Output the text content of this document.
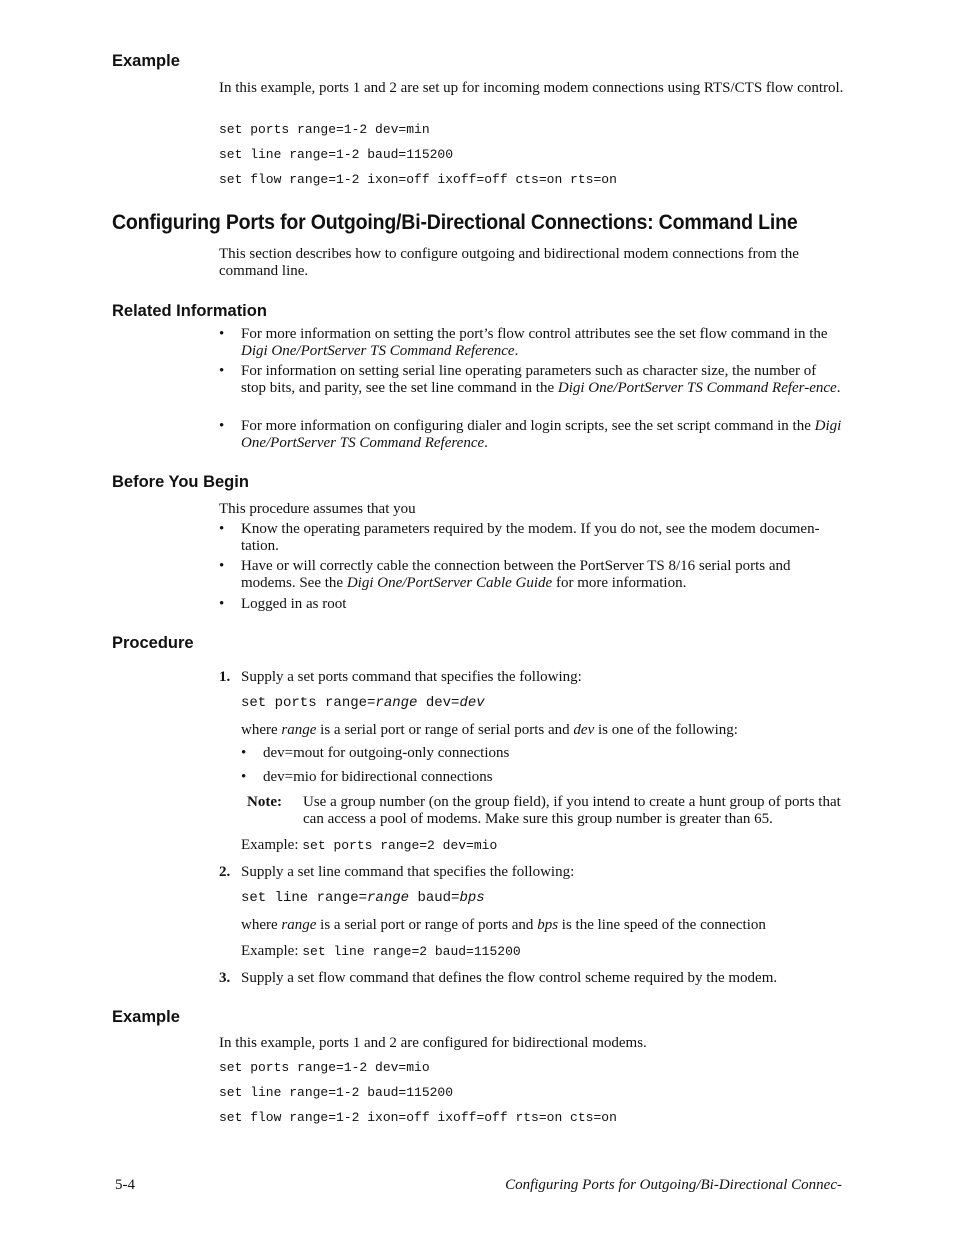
Example

In this example, ports 1 and 2 are set up for incoming modem connections using RTS/CTS flow control.

set ports range=1-2 dev=min
set line range=1-2 baud=115200
set flow range=1-2 ixon=off ixoff=off cts=on rts=on
Configuring Ports for Outgoing/Bi-Directional Connections: Command Line

This section describes how to configure outgoing and bidirectional modem connections from the command line.

Related Information
• For more information on setting the port’s flow control attributes see the set flow command in the Digi One/PortServer TS Command Reference.
• For information on setting serial line operating parameters such as character size, the number of stop bits, and parity, see the set line command in the Digi One/PortServer TS Command Refer-ence.
• For more information on configuring dialer and login scripts, see the set script command in the Digi One/PortServer TS Command Reference.
Before You Begin

This procedure assumes that you

• Know the operating parameters required by the modem. If you do not, see the modem documen-tation.
• Have or will correctly cable the connection between the PortServer TS 8/16 serial ports and modems. See the Digi One/PortServer Cable Guide for more information.
• Logged in as root
Procedure
1. Supply a set ports command that specifies the following:
set ports range=range dev=dev

where range is a serial port or range of serial ports and dev is one of the following:

• dev=mout for outgoing-only connections
• dev=mio for bidirectional connections
Note: Use a group number (on the group field), if you intend to create a hunt group of ports that can access a pool of modems. Make sure this group number is greater than 65.

Example: set ports range=2 dev=mio

2. Supply a set line command that specifies the following:
set line range=range baud=bps

where range is a serial port or range of ports and bps is the line speed of the connection

Example: set line range=2 baud=115200

3. Supply a set flow command that defines the flow control scheme required by the modem.
Example

In this example, ports 1 and 2 are configured for bidirectional modems.

set ports range=1-2 dev=mio
set line range=1-2 baud=115200
set flow range=1-2 ixon=off ixoff=off rts=on cts=on
5-4	Configuring Ports for Outgoing/Bi-Directional Connec-
